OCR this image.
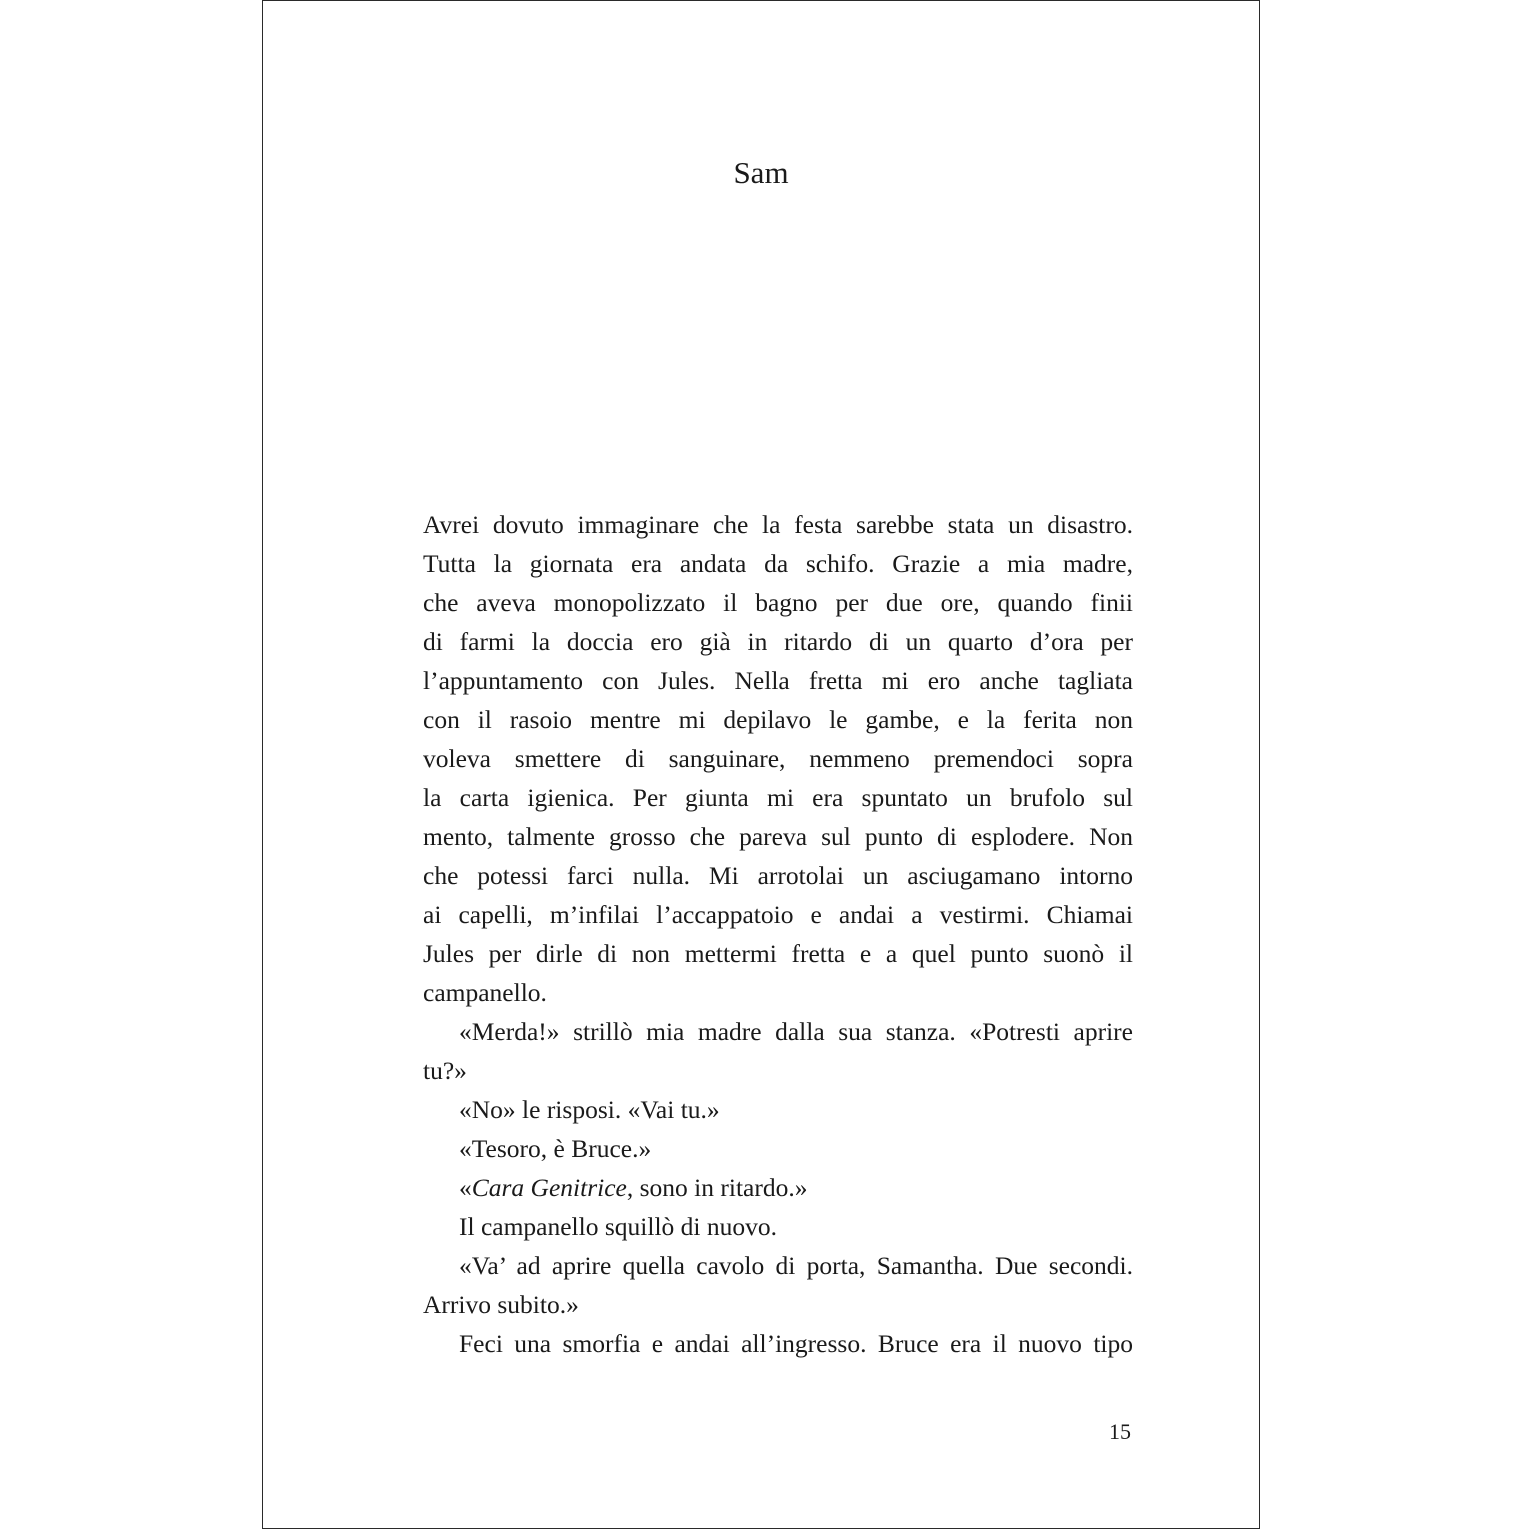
Sam

Avrei dovuto immaginare che la festa sarebbe stata un disastro.

Tutta la giornata era andata da schifo. Grazie a mia madre,

che aveva monopolizzato il bagno per due ore, quando finii

di farmi la doccia ero già in ritardo di un quarto d’ora per

l’appuntamento con Jules. Nella fretta mi ero anche tagliata

con il rasoio mentre mi depilavo le gambe, e la ferita non

voleva smettere di sanguinare, nemmeno premendoci sopra

la carta igienica. Per giunta mi era spuntato un brufolo sul

mento, talmente grosso che pareva sul punto di esplodere. Non

che potessi farci nulla. Mi arrotolai un asciugamano intorno

ai capelli, m’infilai l’accappatoio e andai a vestirmi. Chiamai

Jules per dirle di non mettermi fretta e a quel punto suonò il

campanello.

«Merda!» strillò mia madre dalla sua stanza. «Potresti aprire

tu?»

«No» le risposi. «Vai tu.»

«Tesoro, è Bruce.»

«Cara Genitrice, sono in ritardo.»

Il campanello squillò di nuovo.

«Va’ ad aprire quella cavolo di porta, Samantha. Due secondi.

Arrivo subito.»

Feci una smorfia e andai all’ingresso. Bruce era il nuovo tipo

15
